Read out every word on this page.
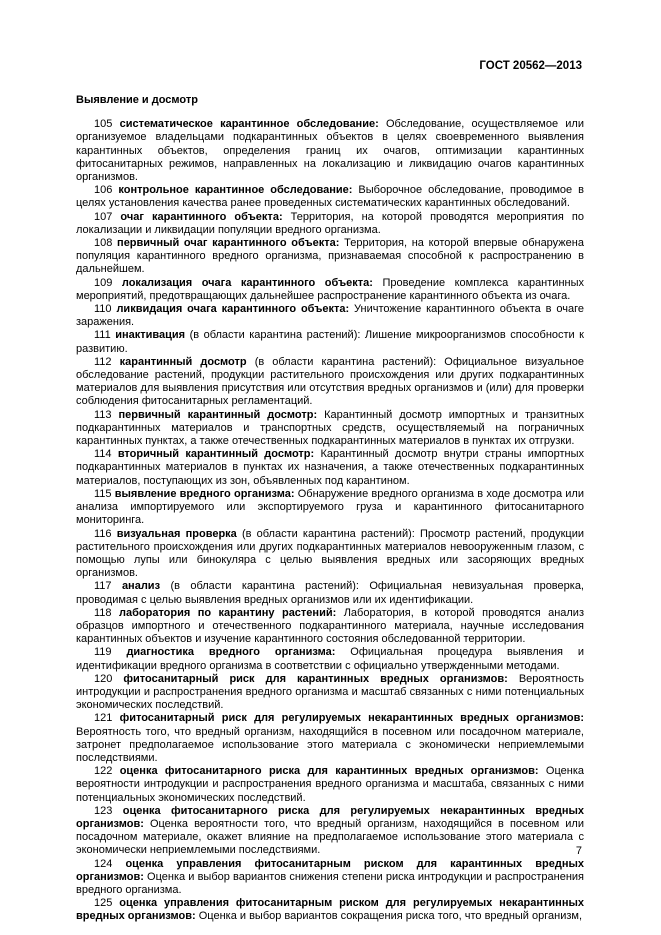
ГОСТ 20562—2013
Выявление и досмотр

105 систематическое карантинное обследование: Обследование, осуществляемое или организуемое владельцами подкарантинных объектов в целях своевременного выявления карантинных объектов, определения границ их очагов, оптимизации карантинных фитосанитарных режимов, направленных на локализацию и ликвидацию очагов карантинных организмов.

106 контрольное карантинное обследование: Выборочное обследование, проводимое в целях установления качества ранее проведенных систематических карантинных обследований.

107 очаг карантинного объекта: Территория, на которой проводятся мероприятия по локализации и ликвидации популяции вредного организма.

108 первичный очаг карантинного объекта: Территория, на которой впервые обнаружена популяция карантинного вредного организма, признаваемая способной к распространению в дальнейшем.

109 локализация очага карантинного объекта: Проведение комплекса карантинных мероприятий, предотвращающих дальнейшее распространение карантинного объекта из очага.

110 ликвидация очага карантинного объекта: Уничтожение карантинного объекта в очаге заражения.

111 инактивация (в области карантина растений): Лишение микроорганизмов способности к развитию.

112 карантинный досмотр (в области карантина растений): Официальное визуальное обследование растений, продукции растительного происхождения или других подкарантинных материалов для выявления присутствия или отсутствия вредных организмов и (или) для проверки соблюдения фитосанитарных регламентаций.

113 первичный карантинный досмотр: Карантинный досмотр импортных и транзитных подкарантинных материалов и транспортных средств, осуществляемый на пограничных карантинных пунктах, а также отечественных подкарантинных материалов в пунктах их отгрузки.

114 вторичный карантинный досмотр: Карантинный досмотр внутри страны импортных подкарантинных материалов в пунктах их назначения, а также отечественных подкарантинных материалов, поступающих из зон, объявленных под карантином.

115 выявление вредного организма: Обнаружение вредного организма в ходе досмотра или анализа импортируемого или экспортируемого груза и карантинного фитосанитарного мониторинга.

116 визуальная проверка (в области карантина растений): Просмотр растений, продукции растительного происхождения или других подкарантинных материалов невооруженным глазом, с помощью лупы или бинокуляра с целью выявления вредных или засоряющих вредных организмов.

117 анализ (в области карантина растений): Официальная невизуальная проверка, проводимая с целью выявления вредных организмов или их идентификации.

118 лаборатория по карантину растений: Лаборатория, в которой проводятся анализ образцов импортного и отечественного подкарантинного материала, научные исследования карантинных объектов и изучение карантинного состояния обследованной территории.

119 диагностика вредного организма: Официальная процедура выявления и идентификации вредного организма в соответствии с официально утвержденными методами.

120 фитосанитарный риск для карантинных вредных организмов: Вероятность интродукции и распространения вредного организма и масштаб связанных с ними потенциальных экономических последствий.

121 фитосанитарный риск для регулируемых некарантинных вредных организмов: Вероятность того, что вредный организм, находящийся в посевном или посадочном материале, затронет предполагаемое использование этого материала с экономически неприемлемыми последствиями.

122 оценка фитосанитарного риска для карантинных вредных организмов: Оценка вероятности интродукции и распространения вредного организма и масштаба, связанных с ними потенциальных экономических последствий.

123 оценка фитосанитарного риска для регулируемых некарантинных вредных организмов: Оценка вероятности того, что вредный организм, находящийся в посевном или посадочном материале, окажет влияние на предполагаемое использование этого материала с экономически неприемлемыми последствиями.

124 оценка управления фитосанитарным риском для карантинных вредных организмов: Оценка и выбор вариантов снижения степени риска интродукции и распространения вредного организма.

125 оценка управления фитосанитарным риском для регулируемых некарантинных вредных организмов: Оценка и выбор вариантов сокращения риска того, что вредный организм,

7
